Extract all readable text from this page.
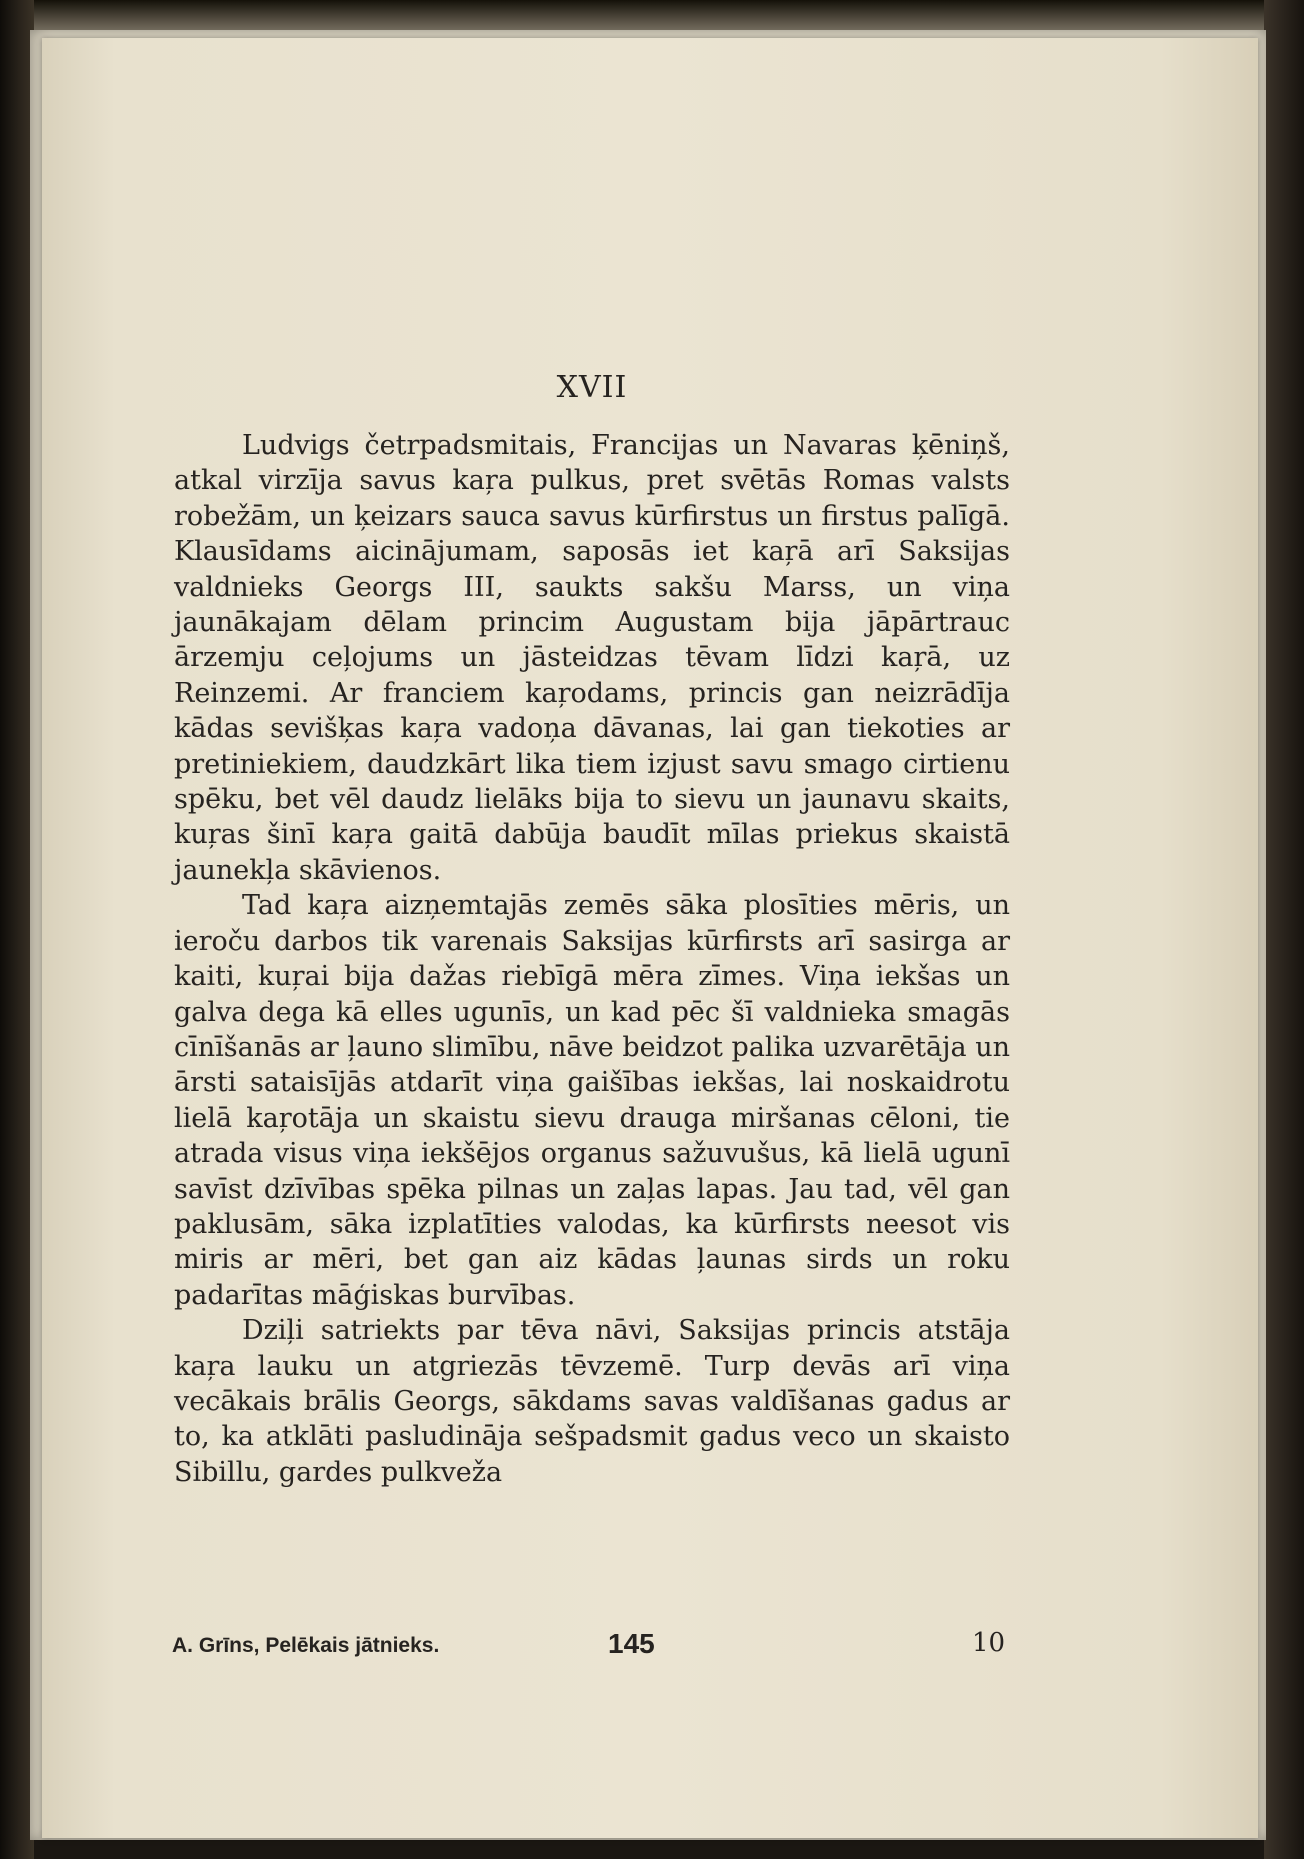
XVII

Ludvigs četrpadsmitais, Francijas un Navaras ķēniņš, atkal virzīja savus kaŗa pulkus, pret svētās Romas valsts robežām, un ķeizars sauca savus kūrfirstus un firstus palīgā. Klausīdams aicinājumam, saposās iet kaŗā arī Saksijas valdnieks Georgs III, saukts sakšu Marss, un viņa jaunākajam dēlam princim Augustam bija jāpārtrauc ārzemju ceļojums un jāsteidzas tēvam līdzi kaŗā, uz Reinzemi. Ar franciem kaŗodams, princis gan neizrādīja kādas sevišķas kaŗa vadoņa dāvanas, lai gan tiekoties ar pretiniekiem, daudzkārt lika tiem izjust savu smago cirtienu spēku, bet vēl daudz lielāks bija to sievu un jaunavu skaits, kuŗas šinī kaŗa gaitā dabūja baudīt mīlas priekus skaistā jaunekļa skāvienos.

Tad kaŗa aizņemtajās zemēs sāka plosīties mēris, un ieroču darbos tik varenais Saksijas kūrfirsts arī sasirga ar kaiti, kuŗai bija dažas riebīgā mēra zīmes. Viņa iekšas un galva dega kā elles ugunīs, un kad pēc šī valdnieka smagās cīnīšanās ar ļauno slimību, nāve beidzot palika uzvarētāja un ārsti sataisījās atdarīt viņa gaišības iekšas, lai noskaidrotu lielā kaŗotāja un skaistu sievu drauga miršanas cēloni, tie atrada visus viņa iekšējos organus sažuvušus, kā lielā ugunī savīst dzīvības spēka pilnas un zaļas lapas. Jau tad, vēl gan paklusām, sāka izplatīties valodas, ka kūrfirsts neesot vis miris ar mēri, bet gan aiz kādas ļaunas sirds un roku padarītas māģiskas burvības.

Dziļi satriekts par tēva nāvi, Saksijas princis atstāja kaŗa lauku un atgriezās tēvzemē. Turp devās arī viņa vecākais brālis Georgs, sākdams savas valdīšanas gadus ar to, ka atklāti pasludināja sešpadsmit gadus veco un skaisto Sibillu, gardes pulkveža

A. Grīns, Pelēkais jātnieks.	145	10
